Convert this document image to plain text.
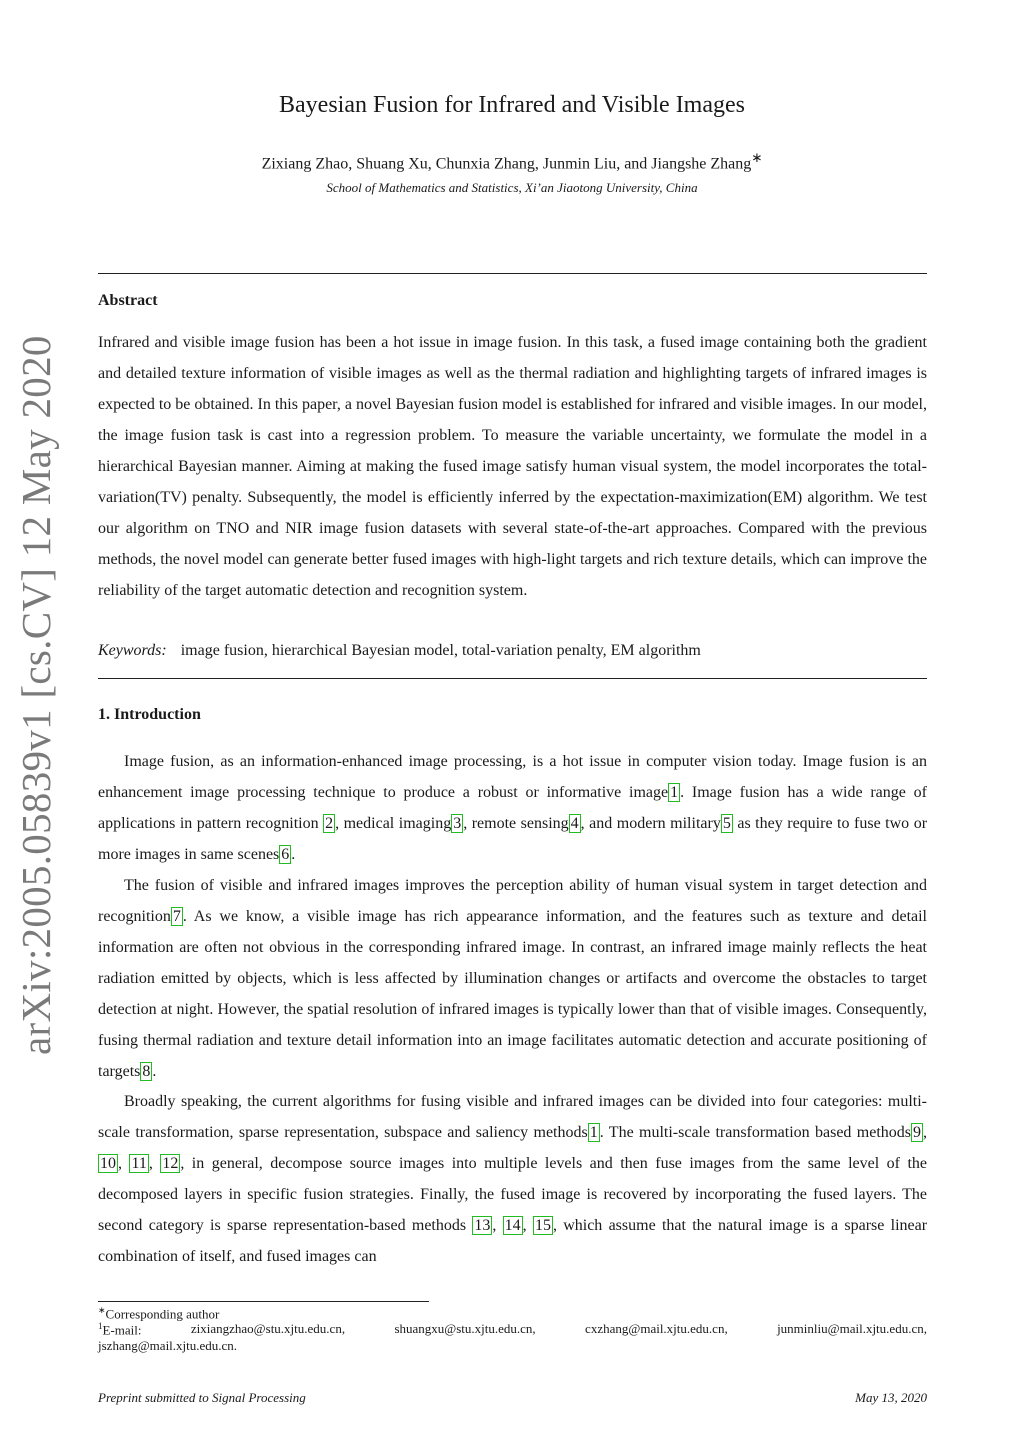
arXiv:2005.05839v1 [cs.CV] 12 May 2020
Bayesian Fusion for Infrared and Visible Images
Zixiang Zhao, Shuang Xu, Chunxia Zhang, Junmin Liu, and Jiangshe Zhang∗
School of Mathematics and Statistics, Xi’an Jiaotong University, China
Abstract

Infrared and visible image fusion has been a hot issue in image fusion. In this task, a fused image containing both the gradient and detailed texture information of visible images as well as the thermal radiation and highlighting targets of infrared images is expected to be obtained. In this paper, a novel Bayesian fusion model is established for infrared and visible images. In our model, the image fusion task is cast into a regression problem. To measure the variable uncertainty, we formulate the model in a hierarchical Bayesian manner. Aiming at making the fused image satisfy human visual system, the model incorporates the total-variation(TV) penalty. Subsequently, the model is efficiently inferred by the expectation-maximization(EM) algorithm. We test our algorithm on TNO and NIR image fusion datasets with several state-of-the-art approaches. Compared with the previous methods, the novel model can generate better fused images with high-light targets and rich texture details, which can improve the reliability of the target automatic detection and recognition system.

Keywords: image fusion, hierarchical Bayesian model, total-variation penalty, EM algorithm
1. Introduction

Image fusion, as an information-enhanced image processing, is a hot issue in computer vision today. Image fusion is an enhancement image processing technique to produce a robust or informative image 1 . Image fusion has a wide range of applications in pattern recognition 2 , medical imaging 3 , remote sensing 4 , and modern military 5 as they require to fuse two or more images in same scenes 6 .

The fusion of visible and infrared images improves the perception ability of human visual system in target detection and recognition 7 . As we know, a visible image has rich appearance information, and the features such as texture and detail information are often not obvious in the corresponding infrared image. In contrast, an infrared image mainly reflects the heat radiation emitted by objects, which is less affected by illumination changes or artifacts and overcome the obstacles to target detection at night. However, the spatial resolution of infrared images is typically lower than that of visible images. Consequently, fusing thermal radiation and texture detail information into an image facilitates automatic detection and accurate positioning of targets 8 .

Broadly speaking, the current algorithms for fusing visible and infrared images can be divided into four categories: multi-scale transformation, sparse representation, subspace and saliency methods 1 . The multi-scale transformation based methods 9 , 10 , 11 , 12 , in general, decompose source images into multiple levels and then fuse images from the same level of the decomposed layers in specific fusion strategies. Finally, the fused image is recovered by incorporating the fused layers. The second category is sparse representation-based methods 13 , 14 , 15 , which assume that the natural image is a sparse linear combination of itself, and fused images can

∗Corresponding author
$^1$E-mail:	zixiangzhao@stu.xjtu.edu.cn,	shuangxu@stu.xjtu.edu.cn,	cxzhang@mail.xjtu.edu.cn,	junminliu@mail.xjtu.edu.cn,
jszhang@mail.xjtu.edu.cn.
Preprint submitted to Signal Processing	May 13, 2020
